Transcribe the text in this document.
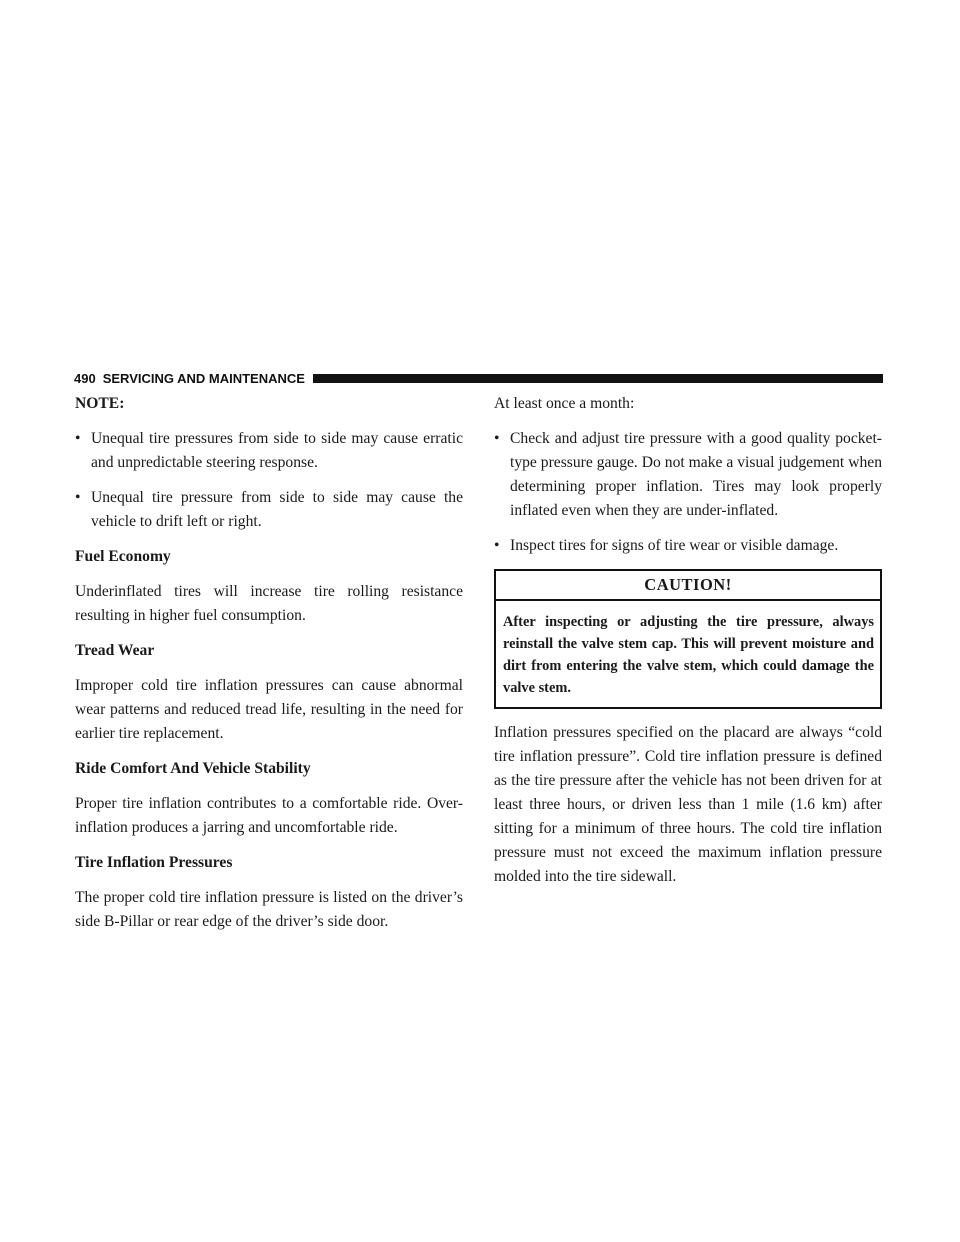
490 SERVICING AND MAINTENANCE
NOTE:
• Unequal tire pressures from side to side may cause erratic and unpredictable steering response.
• Unequal tire pressure from side to side may cause the vehicle to drift left or right.
Fuel Economy

Underinflated tires will increase tire rolling resistance resulting in higher fuel consumption.

Tread Wear

Improper cold tire inflation pressures can cause abnormal wear patterns and reduced tread life, resulting in the need for earlier tire replacement.

Ride Comfort And Vehicle Stability

Proper tire inflation contributes to a comfortable ride. Over-inflation produces a jarring and uncomfortable ride.

Tire Inflation Pressures

The proper cold tire inflation pressure is listed on the driver’s side B-Pillar or rear edge of the driver’s side door.

At least once a month:

• Check and adjust tire pressure with a good quality pocket-type pressure gauge. Do not make a visual judgement when determining proper inflation. Tires may look properly inflated even when they are under-inflated.
• Inspect tires for signs of tire wear or visible damage.
CAUTION!
After inspecting or adjusting the tire pressure, always reinstall the valve stem cap. This will prevent moisture and dirt from entering the valve stem, which could damage the valve stem.

Inflation pressures specified on the placard are always “cold tire inflation pressure”. Cold tire inflation pressure is defined as the tire pressure after the vehicle has not been driven for at least three hours, or driven less than 1 mile (1.6 km) after sitting for a minimum of three hours. The cold tire inflation pressure must not exceed the maximum inflation pressure molded into the tire sidewall.
